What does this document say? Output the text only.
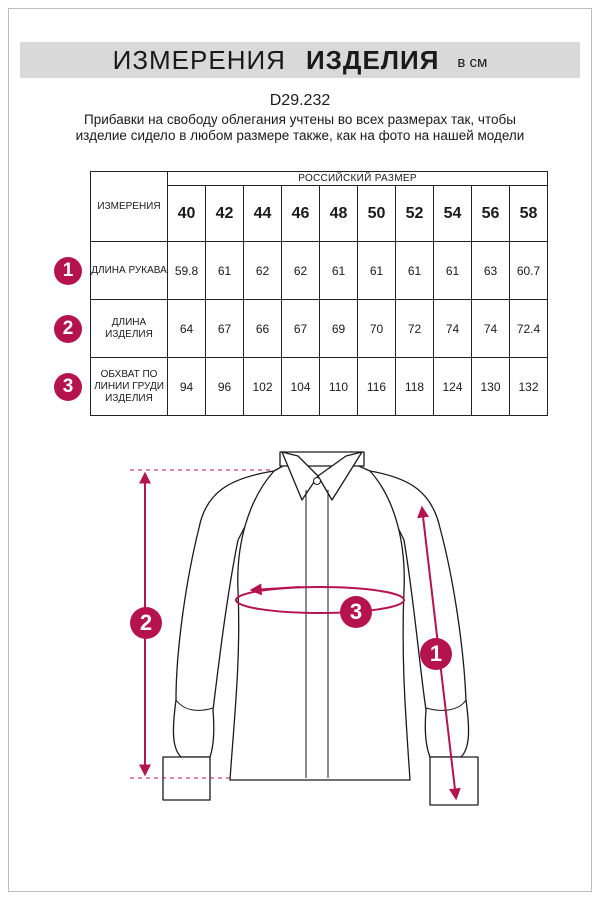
ИЗМЕРЕНИЯ ИЗДЕЛИЯ в см
D29.232
Прибавки на свободу облегания учтены во всех размерах так, чтобы изделие сидело в любом размере также, как на фото на нашей модели
ИЗМЕРЕНИЯ	РОССИЙСКИЙ РАЗМЕР									
	40	42	44	46	48	50	52	54	56	58
ДЛИНА РУКАВА	59.8	61	62	62	61	61	61	61	63	60.7
ДЛИНА ИЗДЕЛИЯ	64	67	66	67	69	70	72	74	74	72.4
ОБХВАТ ПО ЛИНИИ ГРУДИ ИЗДЕЛИЯ	94	96	102	104	110	116	118	124	130	132
1
2
3
2	3
1
